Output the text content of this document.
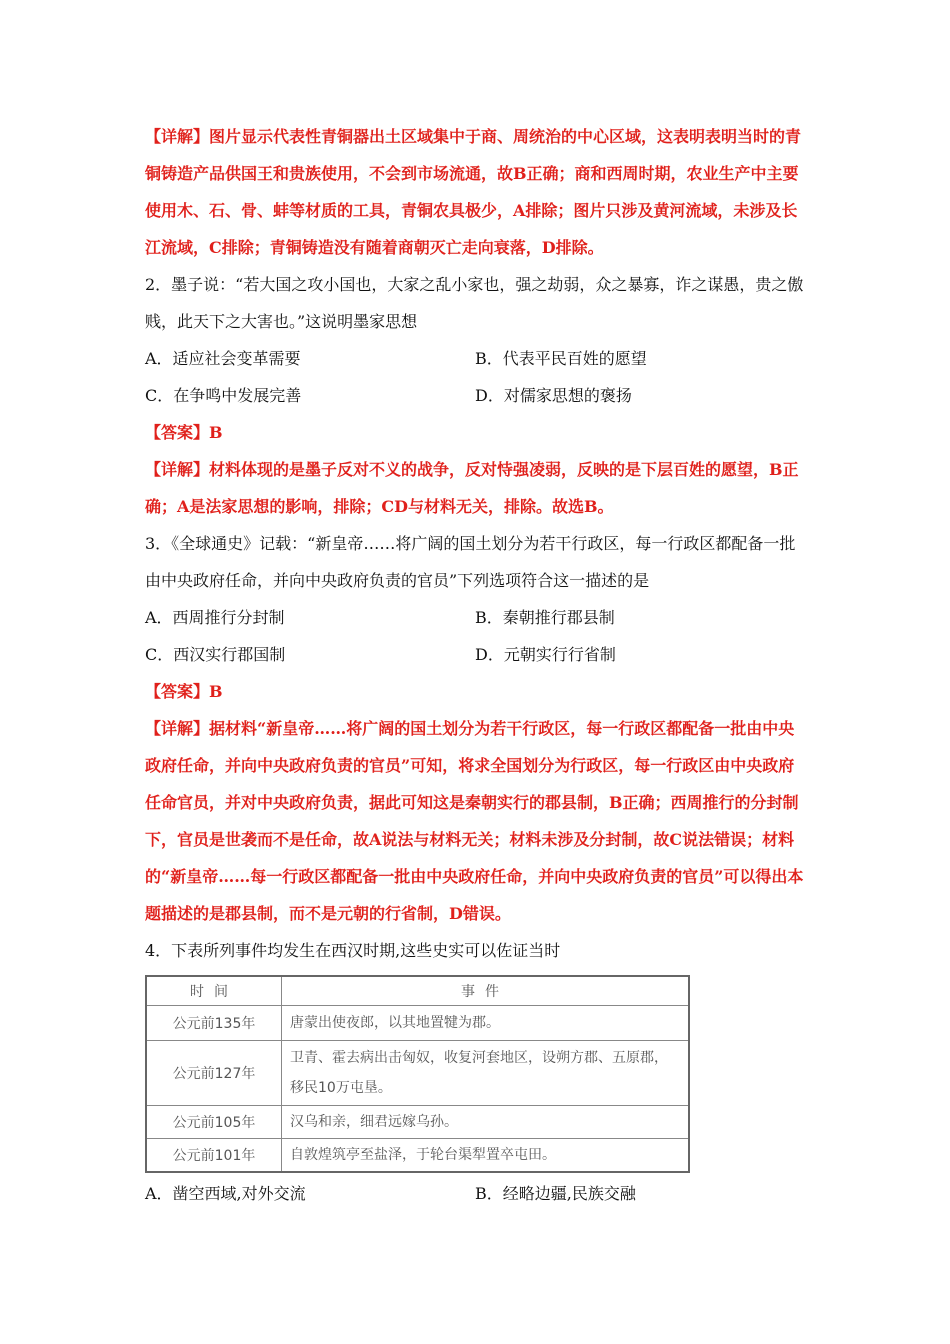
【详解】图片显示代表性青铜器出土区域集中于商、周统治的中心区域，这表明表明当时的青铜铸造产品供国王和贵族使用，不会到市场流通，故B正确；商和西周时期，农业生产中主要使用木、石、骨、蚌等材质的工具，青铜农具极少，A排除；图片只涉及黄河流域，未涉及长江流域，C排除；青铜铸造没有随着商朝灭亡走向衰落，D排除。

2．墨子说：“若大国之攻小国也，大家之乱小家也，强之劫弱，众之暴寡，诈之谋愚，贵之傲贱，此天下之大害也。”这说明墨家思想

A．适应社会变革需要	B．代表平民百姓的愿望
C．在争鸣中发展完善	D．对儒家思想的褒扬

【答案】B

【详解】材料体现的是墨子反对不义的战争，反对恃强凌弱，反映的是下层百姓的愿望，B正确；A是法家思想的影响，排除；CD与材料无关，排除。故选B。

3．《全球通史》记载：“新皇帝……将广阔的国土划分为若干行政区，每一行政区都配备一批由中央政府任命，并向中央政府负责的官员”下列选项符合这一描述的是

A．西周推行分封制	B．秦朝推行郡县制
C．西汉实行郡国制	D．元朝实行行省制

【答案】B

【详解】据材料“新皇帝……将广阔的国土划分为若干行政区，每一行政区都配备一批由中央政府任命，并向中央政府负责的官员”可知，将求全国划分为行政区，每一行政区由中央政府任命官员，并对中央政府负责，据此可知这是秦朝实行的郡县制，B正确；西周推行的分封制下，官员是世袭而不是任命，故A说法与材料无关；材料未涉及分封制，故C说法错误；材料的“新皇帝……每一行政区都配备一批由中央政府任命，并向中央政府负责的官员”可以得出本题描述的是郡县制，而不是元朝的行省制，D错误。

4．下表所列事件均发生在西汉时期,这些史实可以佐证当时

时间	事件
公元前135年	唐蒙出使夜郎，以其地置犍为郡。
公元前127年	卫青、霍去病出击匈奴，收复河套地区，设朔方郡、五原郡，移民10万屯垦。
公元前105年	汉乌和亲，细君远嫁乌孙。
公元前101年	自敦煌筑亭至盐泽，于轮台渠犁置卒屯田。
A．凿空西域,对外交流	B．经略边疆,民族交融
